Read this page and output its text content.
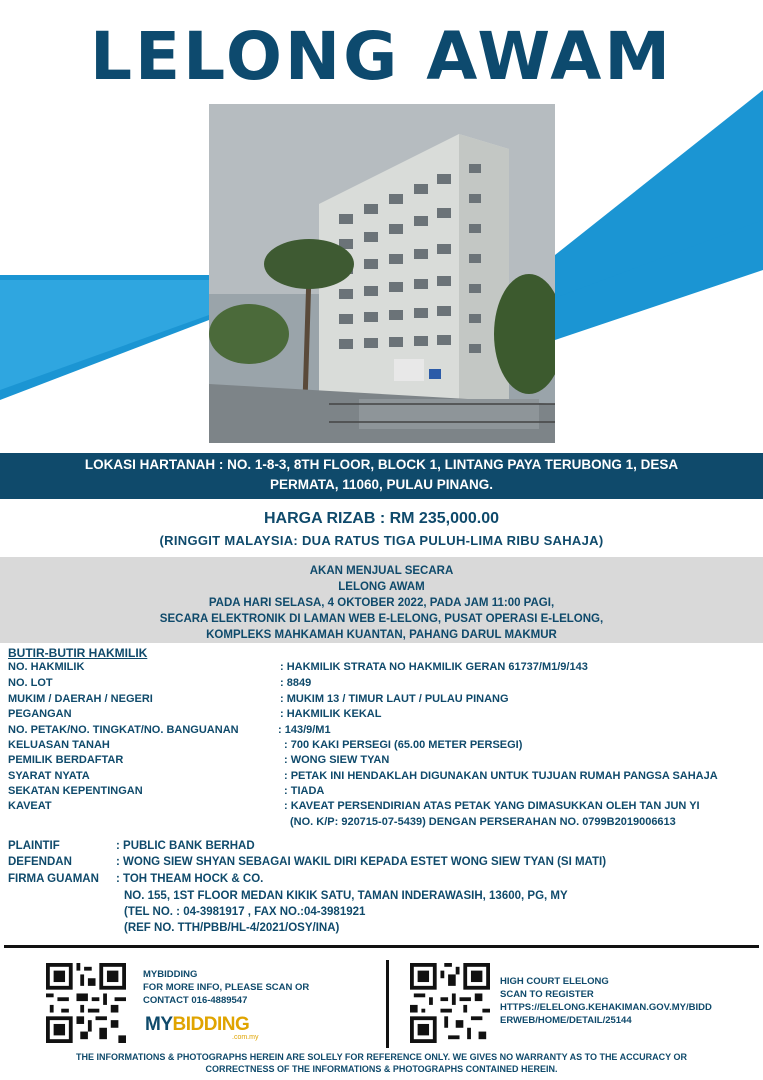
LELONG AWAM
LOKASI HARTANAH : NO. 1-8-3, 8TH FLOOR, BLOCK 1, LINTANG PAYA TERUBONG 1, DESA
PERMATA, 11060, PULAU PINANG.
HARGA RIZAB : RM 235,000.00
(RINGGIT MALAYSIA: DUA RATUS TIGA PULUH-LIMA RIBU SAHAJA)
AKAN MENJUAL SECARA
LELONG AWAM
PADA HARI SELASA, 4 OKTOBER 2022, PADA JAM 11:00 PAGI,
SECARA ELEKTRONIK DI LAMAN WEB E-LELONG, PUSAT OPERASI E-LELONG,
KOMPLEKS MAHKAMAH KUANTAN, PAHANG DARUL MAKMUR
BUTIR-BUTIR HAKMILIK
NO. HAKMILIK	: HAKMILIK STRATA NO HAKMILIK GERAN 61737/M1/9/143
NO. LOT	: 8849
MUKIM / DAERAH / NEGERI	: MUKIM 13 / TIMUR LAUT / PULAU PINANG
PEGANGAN	: HAKMILIK KEKAL
NO. PETAK/NO. TINGKAT/NO. BANGUANAN	: 143/9/M1
KELUASAN TANAH	: 700 KAKI PERSEGI (65.00 METER PERSEGI)
PEMILIK BERDAFTAR	: WONG SIEW TYAN
SYARAT NYATA	: PETAK INI HENDAKLAH DIGUNAKAN UNTUK TUJUAN RUMAH PANGSA SAHAJA
SEKATAN KEPENTINGAN	: TIADA
KAVEAT	: KAVEAT PERSENDIRIAN ATAS PETAK YANG DIMASUKKAN OLEH TAN JUN YI
(NO. K/P: 920715-07-5439) DENGAN PERSERAHAN NO. 0799B2019006613
PLAINTIF	: PUBLIC BANK BERHAD
DEFENDAN	: WONG SIEW SHYAN SEBAGAI WAKIL DIRI KEPADA ESTET WONG SIEW TYAN (SI MATI)
FIRMA GUAMAN : TOH THEAM HOCK & CO.
NO. 155, 1ST FLOOR MEDAN KIKIK SATU, TAMAN INDERAWASIH, 13600, PG, MY
(TEL NO. : 04-3981917 , FAX NO.:04-3981921
(REF NO. TTH/PBB/HL-4/2021/OSY/INA)
MYBIDDING
FOR MORE INFO, PLEASE SCAN OR
CONTACT 016-4889547
MYBIDDING
.com.my
HIGH COURT ELELONG
SCAN TO REGISTER
HTTPS://ELELONG.KEHAKIMAN.GOV.MY/BIDD
ERWEB/HOME/DETAIL/25144
THE INFORMATIONS & PHOTOGRAPHS HEREIN ARE SOLELY FOR REFERENCE ONLY. WE GIVES NO WARRANTY AS TO THE ACCURACY OR
CORRECTNESS OF THE INFORMATIONS & PHOTOGRAPHS CONTAINED HEREIN.
